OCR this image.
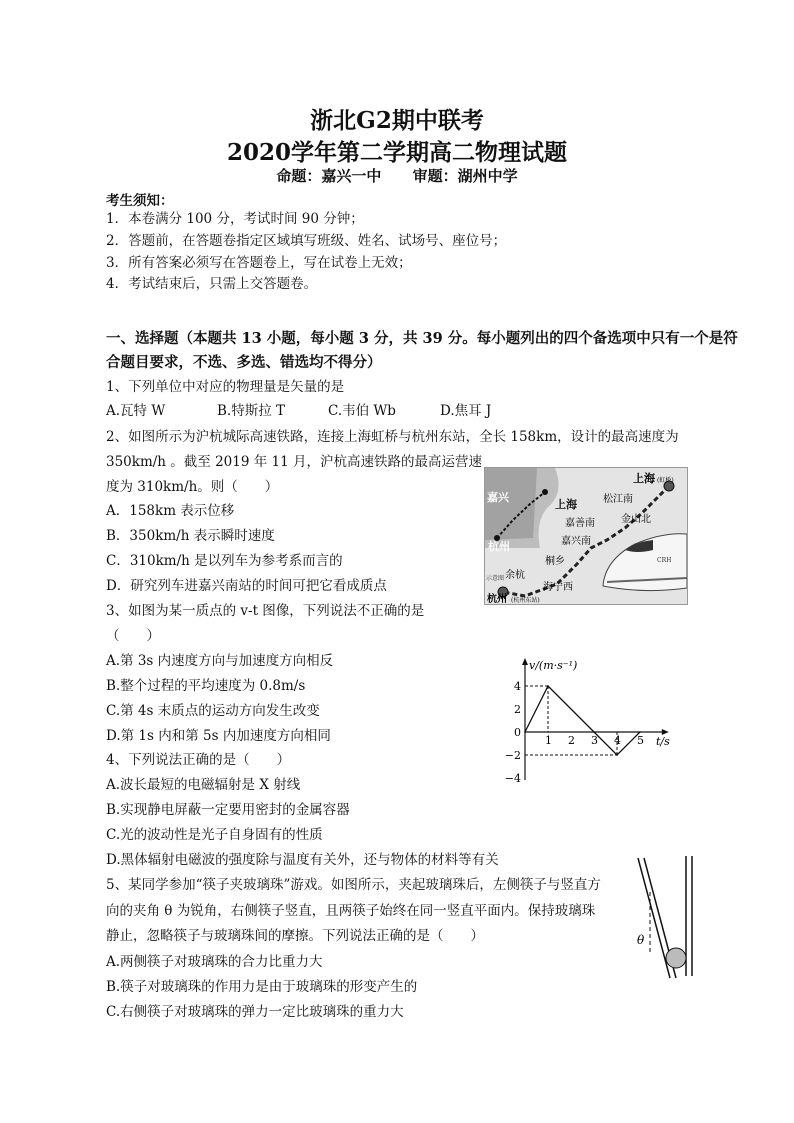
浙北G2期中联考
2020学年第二学期高二物理试题
命题：嘉兴一中 审题：湖州中学
考生须知：
1．本卷满分 100 分，考试时间 90 分钟；
2．答题前，在答题卷指定区域填写班级、姓名、试场号、座位号；
3．所有答案必须写在答题卷上，写在试卷上无效；
4．考试结束后，只需上交答题卷。
一、选择题（本题共 13 小题，每小题 3 分，共 39 分。每小题列出的四个备选项中只有一个是符
合题目要求，不选、多选、错选均不得分）
1、下列单位中对应的物理量是矢量的是
A.瓦特 W	B.特斯拉 T	C.韦伯 Wb	D.焦耳 J
2、如图所示为沪杭城际高速铁路，连接上海虹桥与杭州东站，全长 158km，设计的最高速度为
350km/h 。截至 2019 年 11 月，沪杭高速铁路的最高运营速
度为 310km/h。则（　　）
A．158km 表示位移
B．350km/h 表示瞬时速度
C．310km/h 是以列车为参考系而言的
D．研究列车进嘉兴南站的时间可把它看成质点
嘉兴
上海
杭州
示意图
上海 (虹桥)
松江南
金山北
嘉善南
嘉兴南
桐乡
海宁西
余杭
杭州 (杭州东站)
CRH
3、如图为某一质点的 v-t 图像，下列说法不正确的是
（　　）
A.第 3s 内速度方向与加速度方向相反
B.整个过程的平均速度为 0.8m/s
C.第 4s 末质点的运动方向发生改变
D.第 1s 内和第 5s 内加速度方向相同
v/(m·s⁻¹)
t/s
1 2 3 4 5
4
2
0
−2
−4
4、下列说法正确的是（　　）
A.波长最短的电磁辐射是 X 射线
B.实现静电屏蔽一定要用密封的金属容器
C.光的波动性是光子自身固有的性质
D.黑体辐射电磁波的强度除与温度有关外，还与物体的材料等有关
5、某同学参加“筷子夹玻璃珠”游戏。如图所示，夹起玻璃珠后，左侧筷子与竖直方
向的夹角 θ 为锐角，右侧筷子竖直，且两筷子始终在同一竖直平面内。保持玻璃珠
静止，忽略筷子与玻璃珠间的摩擦。下列说法正确的是（　　）
A.两侧筷子对玻璃珠的合力比重力大
B.筷子对玻璃珠的作用力是由于玻璃珠的形变产生的
C.右侧筷子对玻璃珠的弹力一定比玻璃珠的重力大
θ
